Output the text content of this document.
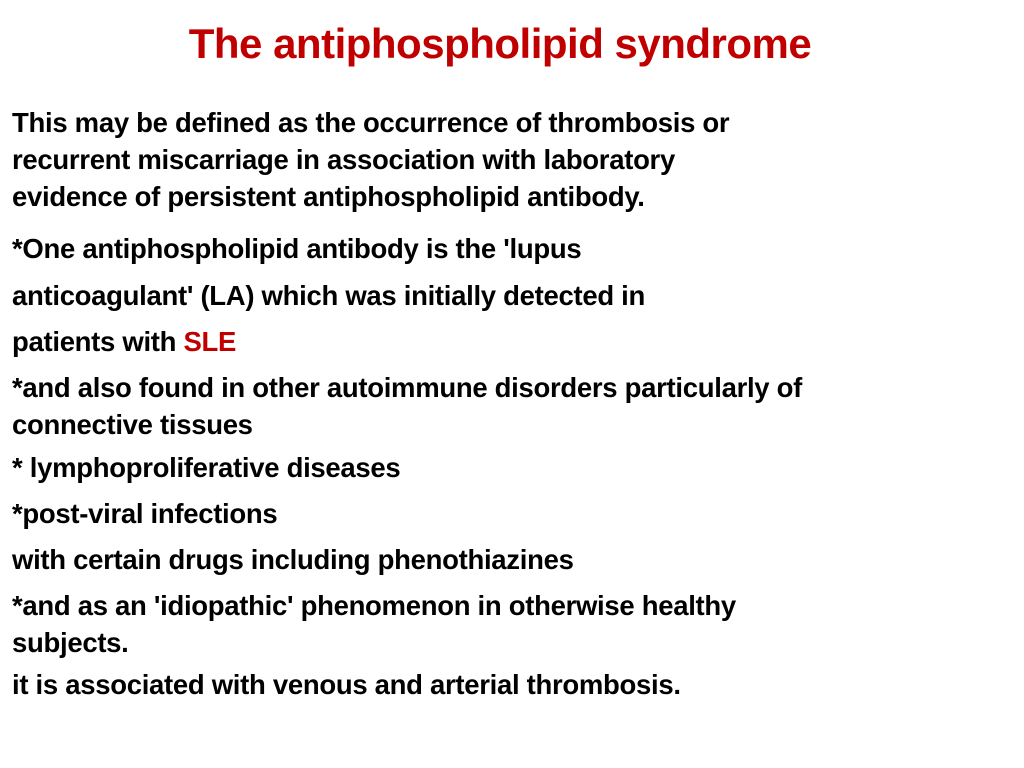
The antiphospholipid syndrome
This may be defined as the occurrence of thrombosis or
recurrent miscarriage in association with laboratory
evidence of persistent antiphospholipid antibody.
*One antiphospholipid antibody is the 'lupus
anticoagulant' (LA) which was initially detected in
patients with SLE
*and also found in other autoimmune disorders particularly of
connective tissues
* lymphoproliferative diseases
*post-viral infections
with certain drugs including phenothiazines
*and as an 'idiopathic' phenomenon in otherwise healthy
subjects.
it is associated with venous and arterial thrombosis.
